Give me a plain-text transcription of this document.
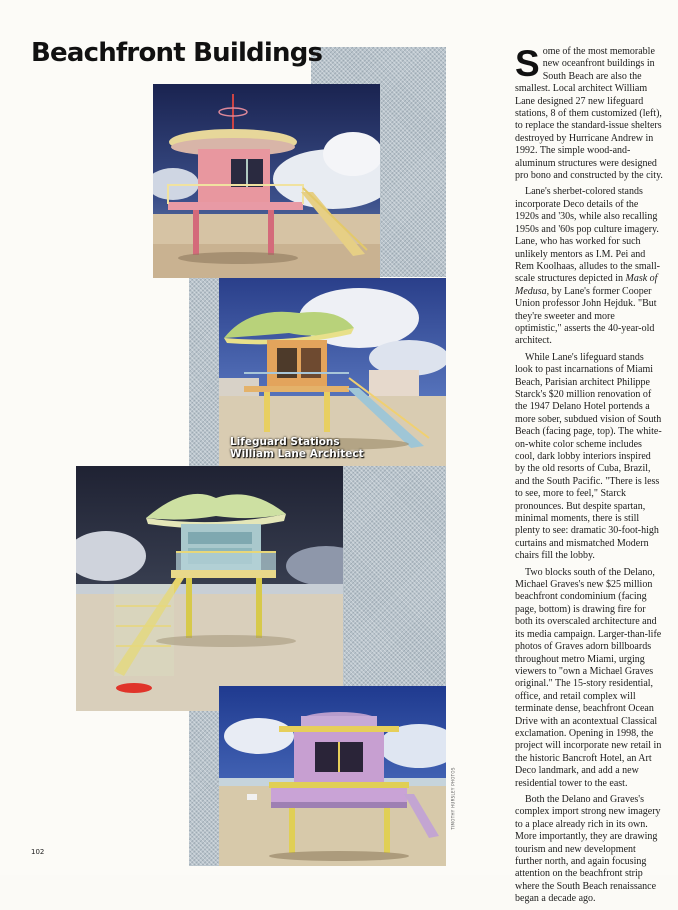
Beachfront Buildings
Lifeguard Stations
William Lane Architect
TIMOTHY HURSLEY PHOTOS

Some of the most memorable new oceanfront buildings in South Beach are also the smallest. Local architect William Lane designed 27 new lifeguard stations, 8 of them customized (left), to replace the standard-issue shelters destroyed by Hurricane Andrew in 1992. The simple wood-and-aluminum structures were designed pro bono and constructed by the city.

Lane's sherbet-colored stands incorporate Deco details of the 1920s and '30s, while also recalling 1950s and '60s pop culture imagery. Lane, who has worked for such unlikely mentors as I.M. Pei and Rem Koolhaas, alludes to the small-scale structures depicted in Mask of Medusa, by Lane's former Cooper Union professor John Hejduk. "But they're sweeter and more optimistic," asserts the 40-year-old architect.

While Lane's lifeguard stands look to past incarnations of Miami Beach, Parisian architect Philippe Starck's $20 million renovation of the 1947 Delano Hotel portends a more sober, subdued vision of South Beach (facing page, top). The white-on-white color scheme includes cool, dark lobby interiors inspired by the old resorts of Cuba, Brazil, and the South Pacific. "There is less to see, more to feel," Starck pronounces. But despite spartan, minimal moments, there is still plenty to see: dramatic 30-foot-high curtains and mismatched Modern chairs fill the lobby.

Two blocks south of the Delano, Michael Graves's new $25 million beachfront condominium (facing page, bottom) is drawing fire for both its overscaled architecture and its media campaign. Larger-than-life photos of Graves adorn billboards throughout metro Miami, urging viewers to "own a Michael Graves original." The 15-story residential, office, and retail complex will terminate dense, beachfront Ocean Drive with an acontextual Classical exclamation. Opening in 1998, the project will incorporate new retail in the historic Bancroft Hotel, an Art Deco landmark, and add a new residential tower to the east.

Both the Delano and Graves's complex import strong new imagery to a place already rich in its own. More importantly, they are drawing tourism and new development further north, and again focusing attention on the beachfront strip where the South Beach renaissance began a decade ago.

102
